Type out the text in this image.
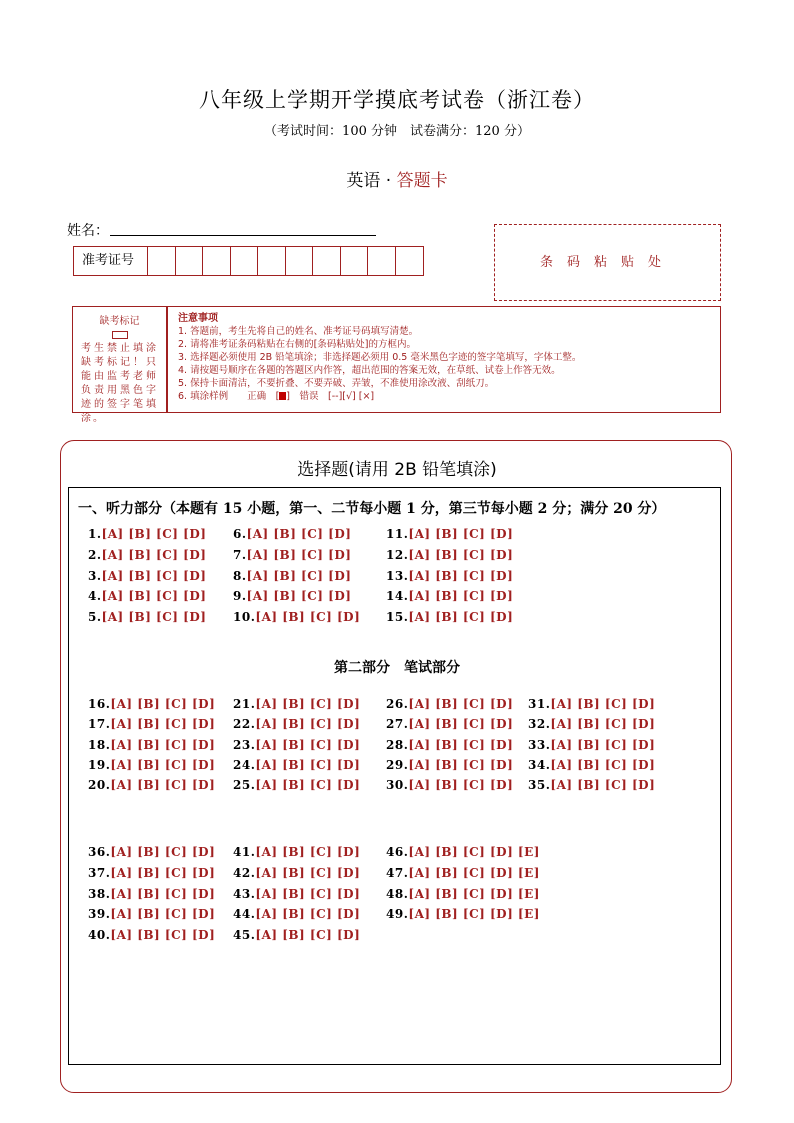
八年级上学期开学摸底考试卷（浙江卷）
（考试时间：100 分钟　试卷满分：120 分）
英语 · 答题卡
姓名：
准考证号	条码粘贴处
缺考标记
考生禁止填涂缺考标记！只能由监考老师负责用黑色字迹的签字笔填涂。
注意事项
1. 答题前，考生先将自己的姓名、准考证号码填写清楚。
2. 请将准考证条码粘贴在右侧的[条码粘贴处]的方框内。
3. 选择题必须使用 2B 铅笔填涂；非选择题必须用 0.5 毫米黑色字迹的签字笔填写，字体工整。
4. 请按题号顺序在各题的答题区内作答，超出范围的答案无效，在草纸、试卷上作答无效。
5. 保持卡面清洁，不要折叠、不要弄破、弄皱，不准使用涂改液、刮纸刀。
6. 填涂样例　　正确　[ ]　错误　[--][√] [×]
选择题(请用 2B 铅笔填涂)
一、听力部分（本题有 15 小题，第一、二节每小题 1 分，第三节每小题 2 分；满分 20 分）
第二部分　笔试部分
1.[A] [B] [C] [D]
2.[A] [B] [C] [D]
3.[A] [B] [C] [D]
4.[A] [B] [C] [D]
5.[A] [B] [C] [D]
6.[A] [B] [C] [D]
7.[A] [B] [C] [D]
8.[A] [B] [C] [D]
9.[A] [B] [C] [D]
10.[A] [B] [C] [D]
11.[A] [B] [C] [D]
12.[A] [B] [C] [D]
13.[A] [B] [C] [D]
14.[A] [B] [C] [D]
15.[A] [B] [C] [D]
16.[A] [B] [C] [D]
17.[A] [B] [C] [D]
18.[A] [B] [C] [D]
19.[A] [B] [C] [D]
20.[A] [B] [C] [D]
21.[A] [B] [C] [D]
22.[A] [B] [C] [D]
23.[A] [B] [C] [D]
24.[A] [B] [C] [D]
25.[A] [B] [C] [D]
26.[A] [B] [C] [D]
27.[A] [B] [C] [D]
28.[A] [B] [C] [D]
29.[A] [B] [C] [D]
30.[A] [B] [C] [D]
31.[A] [B] [C] [D]
32.[A] [B] [C] [D]
33.[A] [B] [C] [D]
34.[A] [B] [C] [D]
35.[A] [B] [C] [D]
36.[A] [B] [C] [D]
37.[A] [B] [C] [D]
38.[A] [B] [C] [D]
39.[A] [B] [C] [D]
40.[A] [B] [C] [D]
41.[A] [B] [C] [D]
42.[A] [B] [C] [D]
43.[A] [B] [C] [D]
44.[A] [B] [C] [D]
45.[A] [B] [C] [D]
46.[A] [B] [C] [D] [E]
47.[A] [B] [C] [D] [E]
48.[A] [B] [C] [D] [E]
49.[A] [B] [C] [D] [E]
